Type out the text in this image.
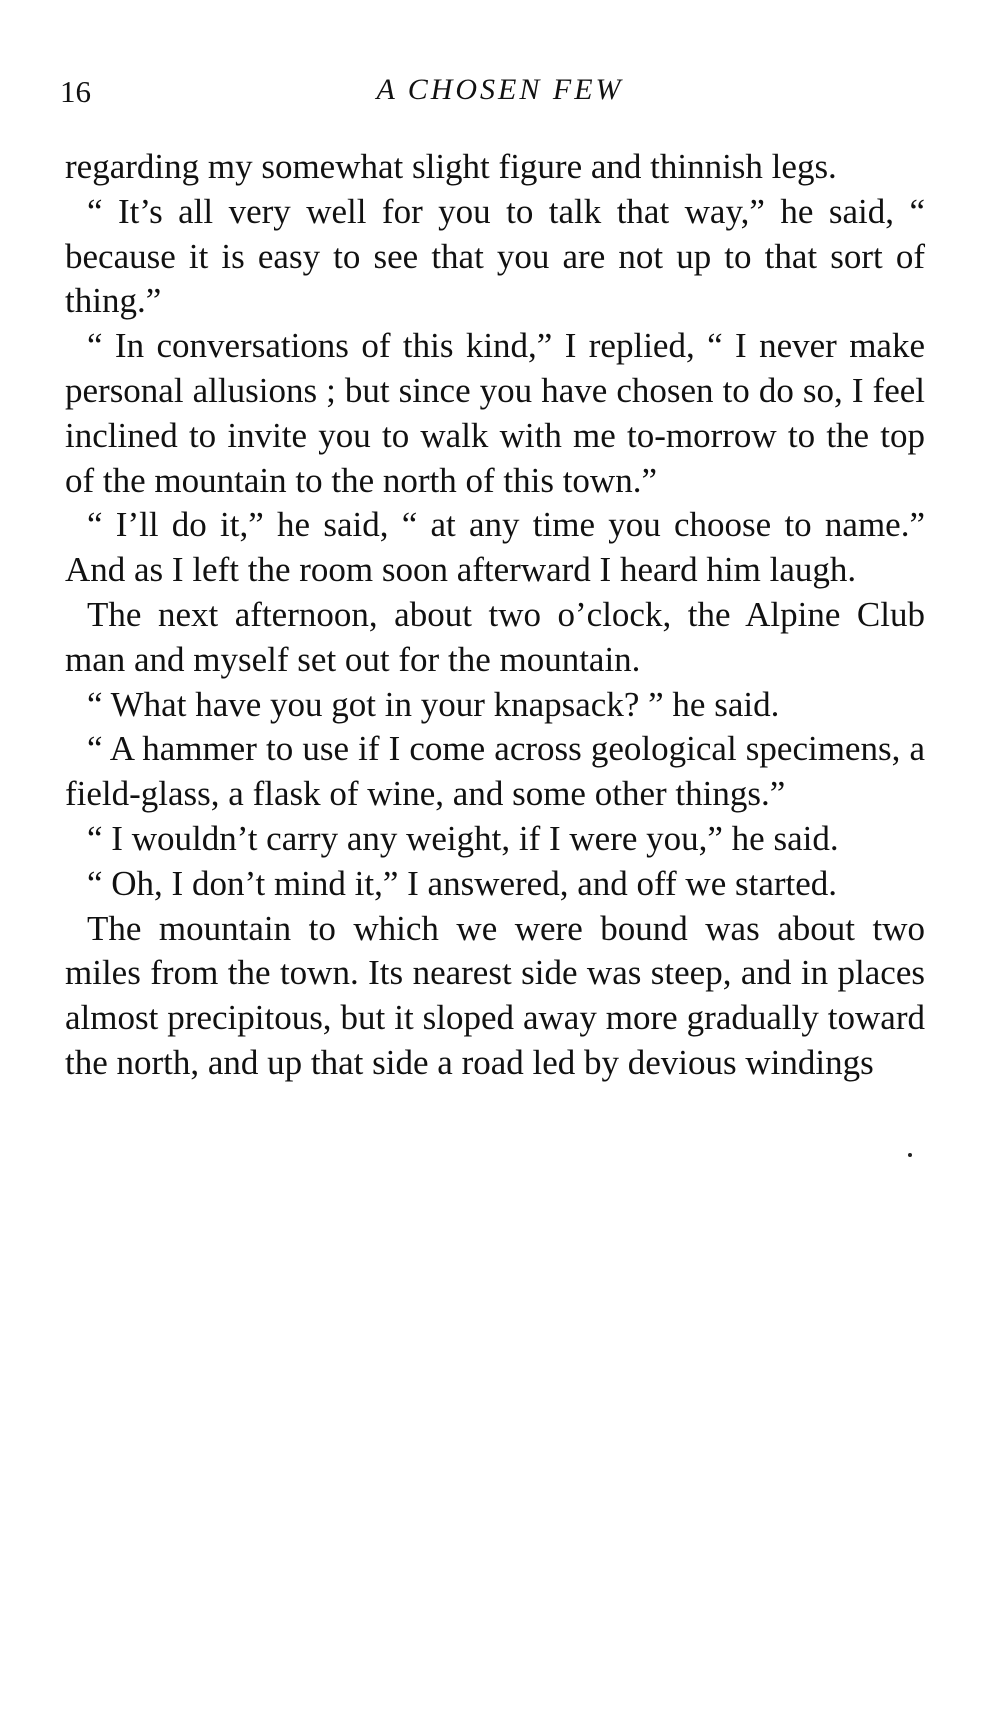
16	A CHOSEN FEW

regarding my somewhat slight figure and thinnish legs.

“ It’s all very well for you to talk that way,” he said, “ because it is easy to see that you are not up to that sort of thing.”

“ In conversations of this kind,” I replied, “ I never make personal allusions ; but since you have chosen to do so, I feel inclined to invite you to walk with me to-morrow to the top of the mountain to the north of this town.”

“ I’ll do it,” he said, “ at any time you choose to name.” And as I left the room soon afterward I heard him laugh.

The next afternoon, about two o’clock, the Alpine Club man and myself set out for the mountain.

“ What have you got in your knapsack? ” he said.

“ A hammer to use if I come across geological specimens, a field-glass, a flask of wine, and some other things.”

“ I wouldn’t carry any weight, if I were you,” he said.

“ Oh, I don’t mind it,” I answered, and off we started.

The mountain to which we were bound was about two miles from the town. Its nearest side was steep, and in places almost precipitous, but it sloped away more gradually toward the north, and up that side a road led by devious windings
